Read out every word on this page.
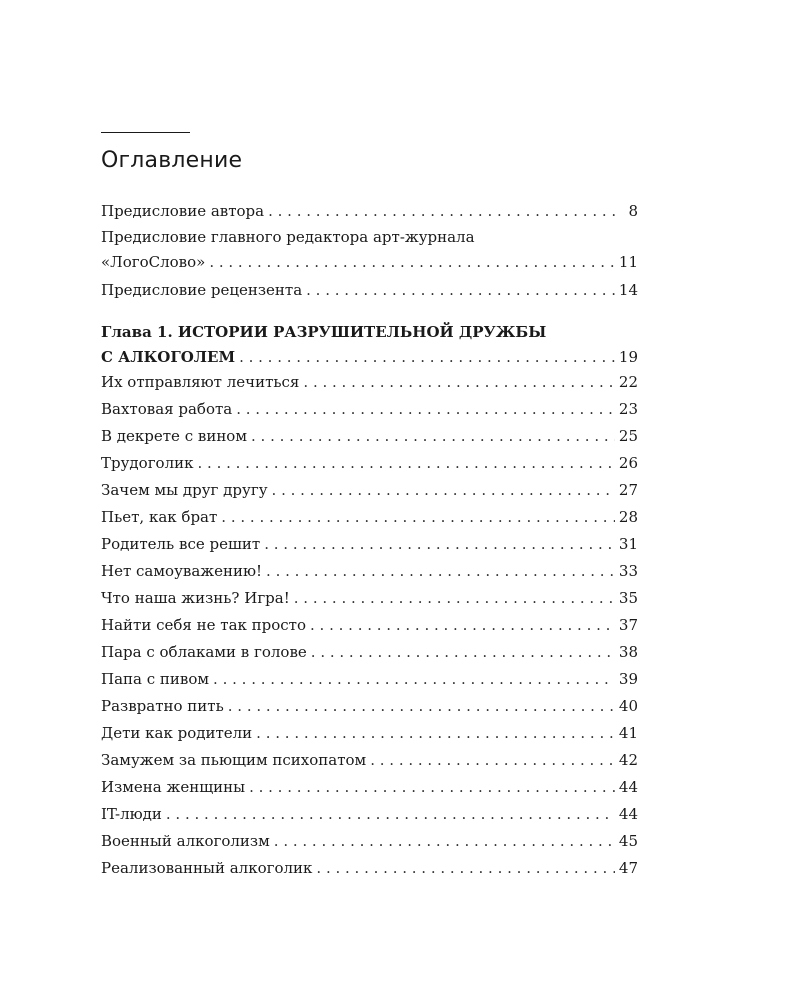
Оглавление
Предисловие автора . . .	8
Предисловие главного редактора арт-журнала
«ЛогоСлово» . . .	11
Предисловие рецензента . . .	14
Глава 1. ИСТОРИИ РАЗРУШИТЕЛЬНОЙ ДРУЖБЫ
С АЛКОГОЛЕМ . . .	19
Их отправляют лечиться . . .	22
Вахтовая работа . . .	23
В декрете с вином . . .	25
Трудоголик . . .	26
Зачем мы друг другу . . .	27
Пьет, как брат . . .	28
Родитель все решит . . .	31
Нет самоуважению! . . .	33
Что наша жизнь? Игра! . . .	35
Найти себя не так просто . . .	37
Пара с облаками в голове . . .	38
Папа с пивом . . .	39
Развратно пить . . .	40
Дети как родители . . .	41
Замужем за пьющим психопатом . . .	42
Измена женщины . . .	44
IT-люди . . .	44
Военный алкоголизм . . .	45
Реализованный алкоголик . . .	47
